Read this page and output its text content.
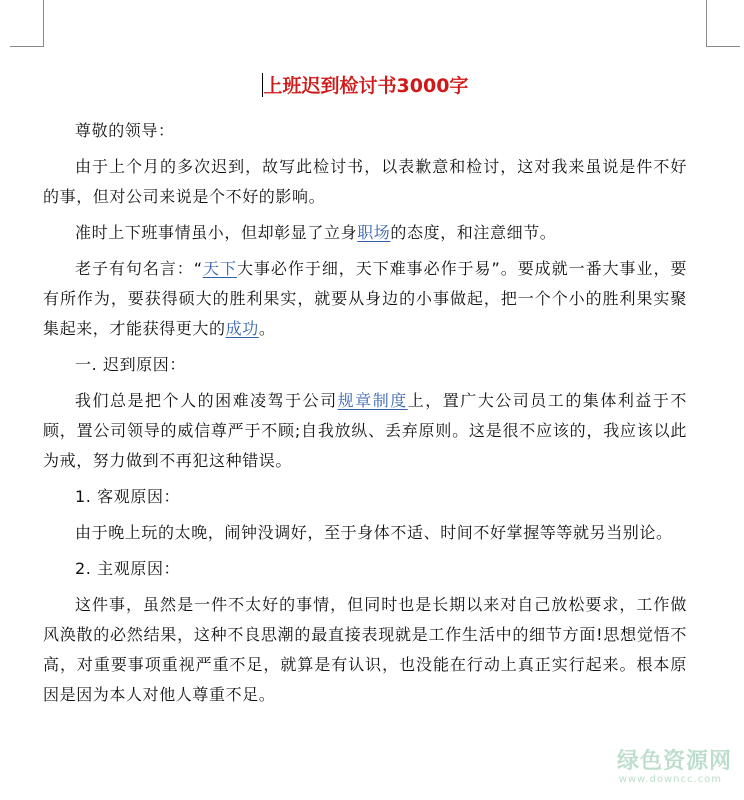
上班迟到检讨书3000字

尊敬的领导：

由于上个月的多次迟到，故写此检讨书，以表歉意和检讨，这对我来虽说是件不好的事，但对公司来说是个不好的影响。

准时上下班事情虽小，但却彰显了立身职场的态度，和注意细节。

老子有句名言：“天下大事必作于细，天下难事必作于易”。要成就一番大事业，要有所作为，要获得硕大的胜利果实，就要从身边的小事做起，把一个个小的胜利果实聚集起来，才能获得更大的成功。

一. 迟到原因：

我们总是把个人的困难凌驾于公司规章制度上，置广大公司员工的集体利益于不顾，置公司领导的威信尊严于不顾;自我放纵、丢弃原则。这是很不应该的，我应该以此为戒，努力做到不再犯这种错误。

1. 客观原因：

由于晚上玩的太晚，闹钟没调好，至于身体不适、时间不好掌握等等就另当别论。

2. 主观原因：

这件事，虽然是一件不太好的事情，但同时也是长期以来对自己放松要求，工作做风涣散的必然结果，这种不良思潮的最直接表现就是工作生活中的细节方面!思想觉悟不高，对重要事项重视严重不足，就算是有认识，也没能在行动上真正实行起来。根本原因是因为本人对他人尊重不足。

绿色资源网
www.downcc.com
